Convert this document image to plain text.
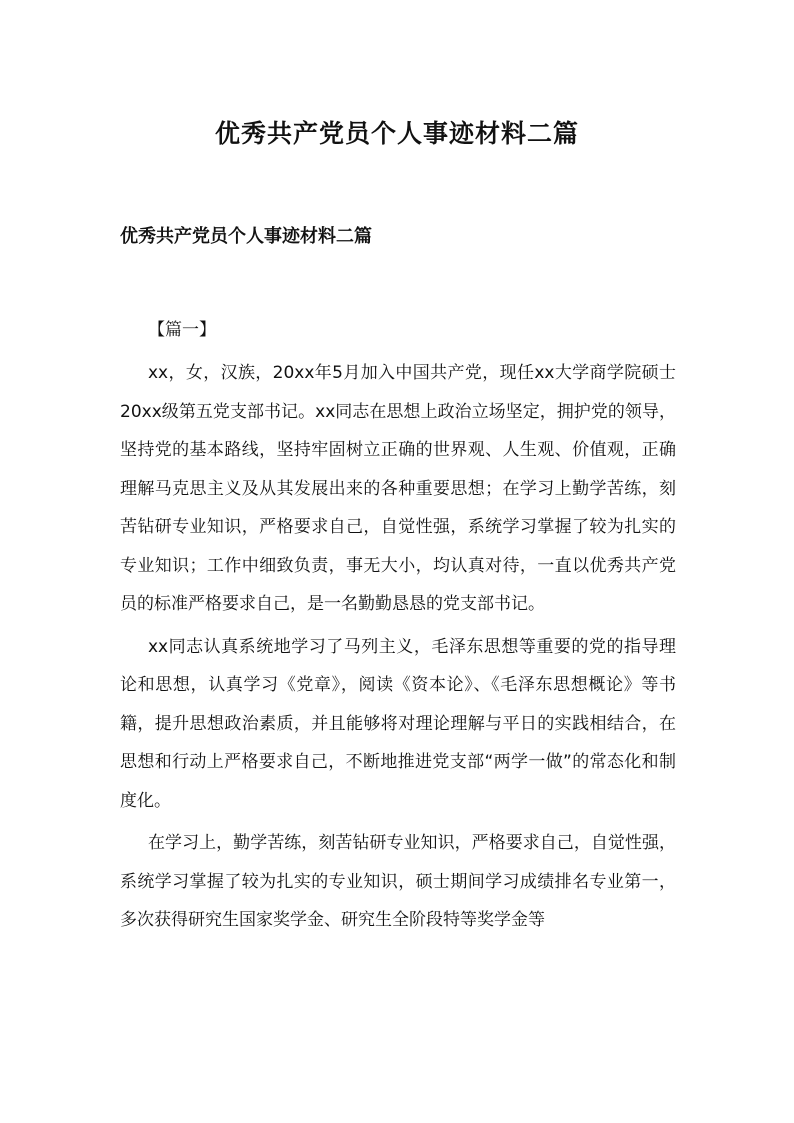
优秀共产党员个人事迹材料二篇
优秀共产党员个人事迹材料二篇

【篇一】

xx，女，汉族，20xx年5月加入中国共产党，现任xx大学商学院硕士20xx级第五党支部书记。xx同志在思想上政治立场坚定，拥护党的领导，坚持党的基本路线，坚持牢固树立正确的世界观、人生观、价值观，正确理解马克思主义及从其发展出来的各种重要思想；在学习上勤学苦练，刻苦钻研专业知识，严格要求自己，自觉性强，系统学习掌握了较为扎实的专业知识；工作中细致负责，事无大小，均认真对待，一直以优秀共产党员的标准严格要求自己，是一名勤勤恳恳的党支部书记。

xx同志认真系统地学习了马列主义，毛泽东思想等重要的党的指导理论和思想，认真学习《党章》，阅读《资本论》、《毛泽东思想概论》等书籍，提升思想政治素质，并且能够将对理论理解与平日的实践相结合，在思想和行动上严格要求自己，不断地推进党支部“两学一做”的常态化和制度化。

在学习上，勤学苦练，刻苦钻研专业知识，严格要求自己，自觉性强，系统学习掌握了较为扎实的专业知识，硕士期间学习成绩排名专业第一，多次获得研究生国家奖学金、研究生全阶段特等奖学金等
